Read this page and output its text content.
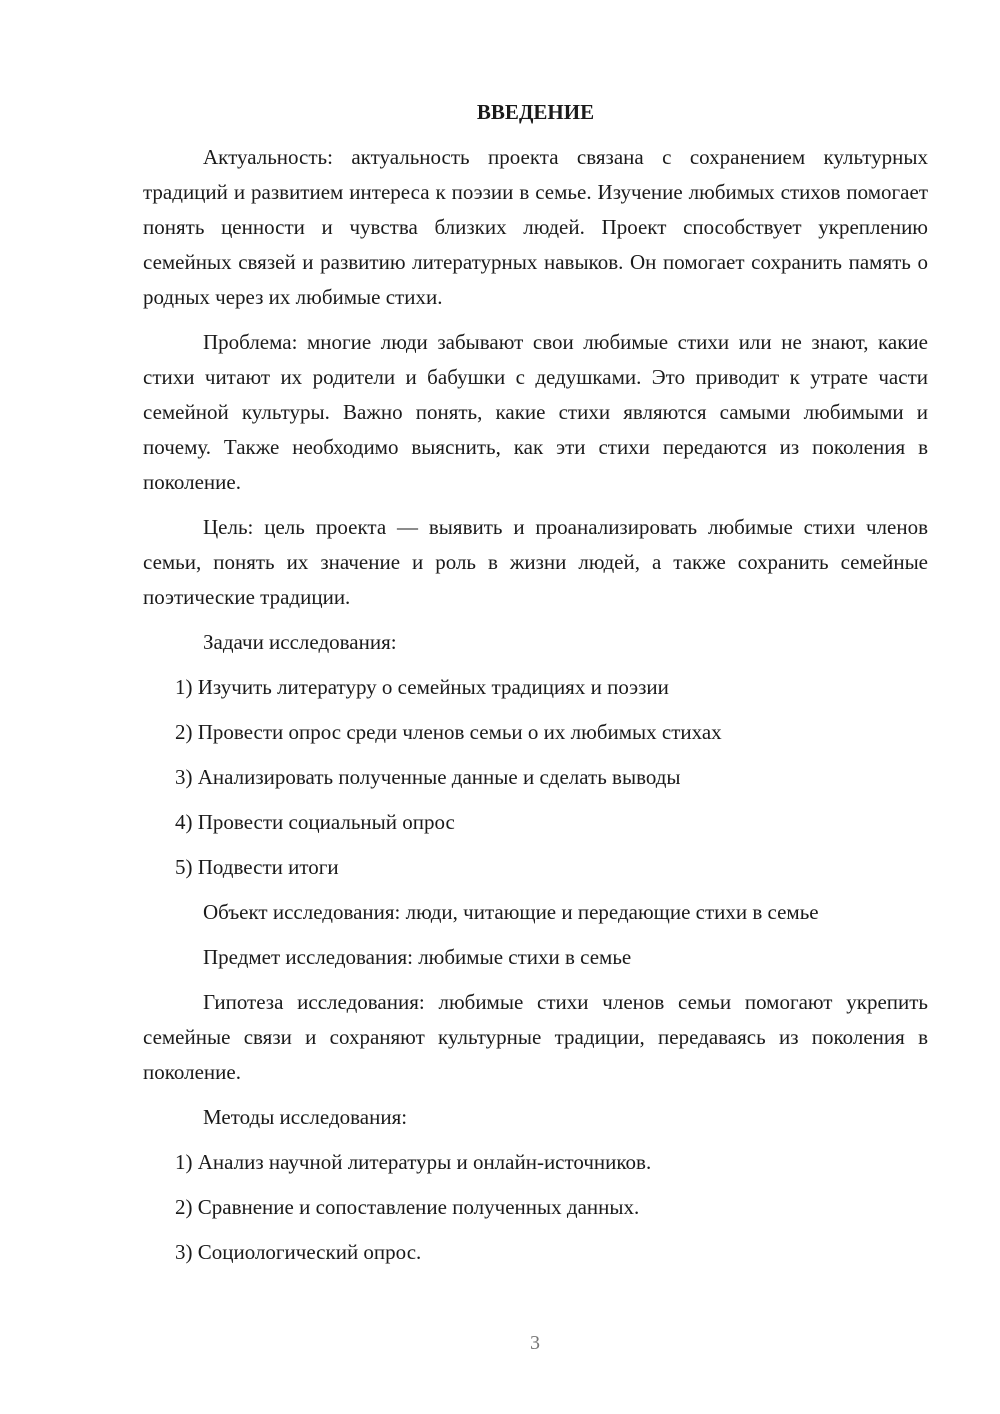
ВВЕДЕНИЕ

Актуальность: актуальность проекта связана с сохранением культурных традиций и развитием интереса к поэзии в семье. Изучение любимых стихов помогает понять ценности и чувства близких людей. Проект способствует укреплению семейных связей и развитию литературных навыков. Он помогает сохранить память о родных через их любимые стихи.

Проблема: многие люди забывают свои любимые стихи или не знают, какие стихи читают их родители и бабушки с дедушками. Это приводит к утрате части семейной культуры. Важно понять, какие стихи являются самыми любимыми и почему. Также необходимо выяснить, как эти стихи передаются из поколения в поколение.

Цель: цель проекта — выявить и проанализировать любимые стихи членов семьи, понять их значение и роль в жизни людей, а также сохранить семейные поэтические традиции.

Задачи исследования:

1) Изучить литературу о семейных традициях и поэзии

2) Провести опрос среди членов семьи о их любимых стихах

3) Анализировать полученные данные и сделать выводы

4) Провести социальный опрос

5) Подвести итоги

Объект исследования: люди, читающие и передающие стихи в семье

Предмет исследования: любимые стихи в семье

Гипотеза исследования: любимые стихи членов семьи помогают укрепить семейные связи и сохраняют культурные традиции, передаваясь из поколения в поколение.

Методы исследования:

1) Анализ научной литературы и онлайн-источников.

2) Сравнение и сопоставление полученных данных.

3) Социологический опрос.

3
